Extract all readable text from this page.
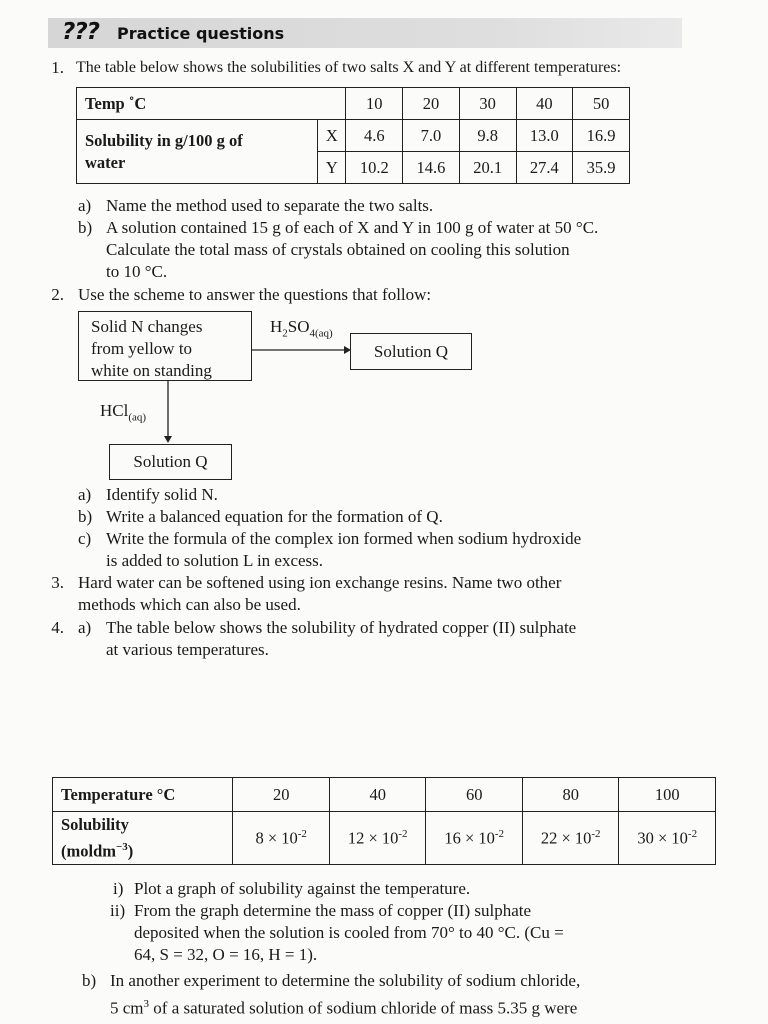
??? Practice questions
1. The table below shows the solubilities of two salts X and Y at different temperatures:
Temp ˚C		10	20	30	40	50
Solubility in g/100 g of
water	X	4.6	7.0	9.8	13.0	16.9
	Y	10.2	14.6	20.1	27.4	35.9
a) Name the method used to separate the two salts.
b) A solution contained 15 g of each of X and Y in 100 g of water at 50 °C.
Calculate the total mass of crystals obtained on cooling this solution
to 10 °C.
2. Use the scheme to answer the questions that follow:
Solid N changes
from yellow to
white on standing
$H_2SO_{4(aq)}$
Solution Q
HCl$_{(aq)}$
Solution Q
a) Identify solid N.
b) Write a balanced equation for the formation of Q.
c) Write the formula of the complex ion formed when sodium hydroxide
is added to solution L in excess.
3. Hard water can be softened using ion exchange resins. Name two other
methods which can also be used.
4. a) The table below shows the solubility of hydrated copper (II) sulphate
at various temperatures.
Temperature °C	20	40	60	80	100
Solubility
(moldm$^{-3}$)	$8 \times 10^{-2}$	$12 \times 10^{-2}$	$16 \times 10^{-2}$	$22 \times 10^{-2}$	$30 \times 10^{-2}$
i) Plot a graph of solubility against the temperature.
ii) From the graph determine the mass of copper (II) sulphate
deposited when the solution is cooled from 70° to 40 °C. (Cu =
64, S = 32, O = 16, H = 1).
b) In another experiment to determine the solubility of sodium chloride,
5 $cm^3$ of a saturated solution of sodium chloride of mass 5.35 g were
